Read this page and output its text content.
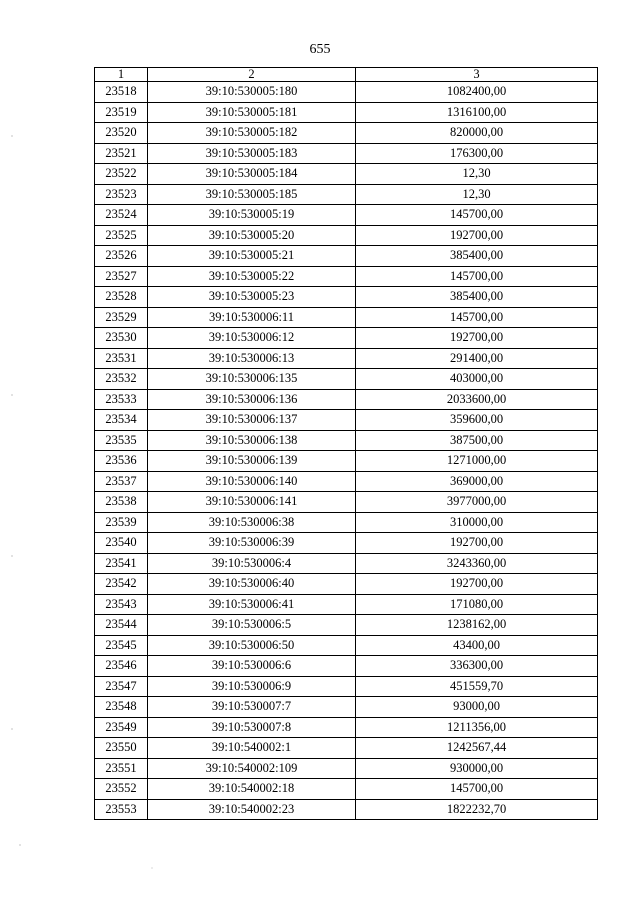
655
1	2	3
23518	39:10:530005:180	1082400,00
23519	39:10:530005:181	1316100,00
23520	39:10:530005:182	820000,00
23521	39:10:530005:183	176300,00
23522	39:10:530005:184	12,30
23523	39:10:530005:185	12,30
23524	39:10:530005:19	145700,00
23525	39:10:530005:20	192700,00
23526	39:10:530005:21	385400,00
23527	39:10:530005:22	145700,00
23528	39:10:530005:23	385400,00
23529	39:10:530006:11	145700,00
23530	39:10:530006:12	192700,00
23531	39:10:530006:13	291400,00
23532	39:10:530006:135	403000,00
23533	39:10:530006:136	2033600,00
23534	39:10:530006:137	359600,00
23535	39:10:530006:138	387500,00
23536	39:10:530006:139	1271000,00
23537	39:10:530006:140	369000,00
23538	39:10:530006:141	3977000,00
23539	39:10:530006:38	310000,00
23540	39:10:530006:39	192700,00
23541	39:10:530006:4	3243360,00
23542	39:10:530006:40	192700,00
23543	39:10:530006:41	171080,00
23544	39:10:530006:5	1238162,00
23545	39:10:530006:50	43400,00
23546	39:10:530006:6	336300,00
23547	39:10:530006:9	451559,70
23548	39:10:530007:7	93000,00
23549	39:10:530007:8	1211356,00
23550	39:10:540002:1	1242567,44
23551	39:10:540002:109	930000,00
23552	39:10:540002:18	145700,00
23553	39:10:540002:23	1822232,70
